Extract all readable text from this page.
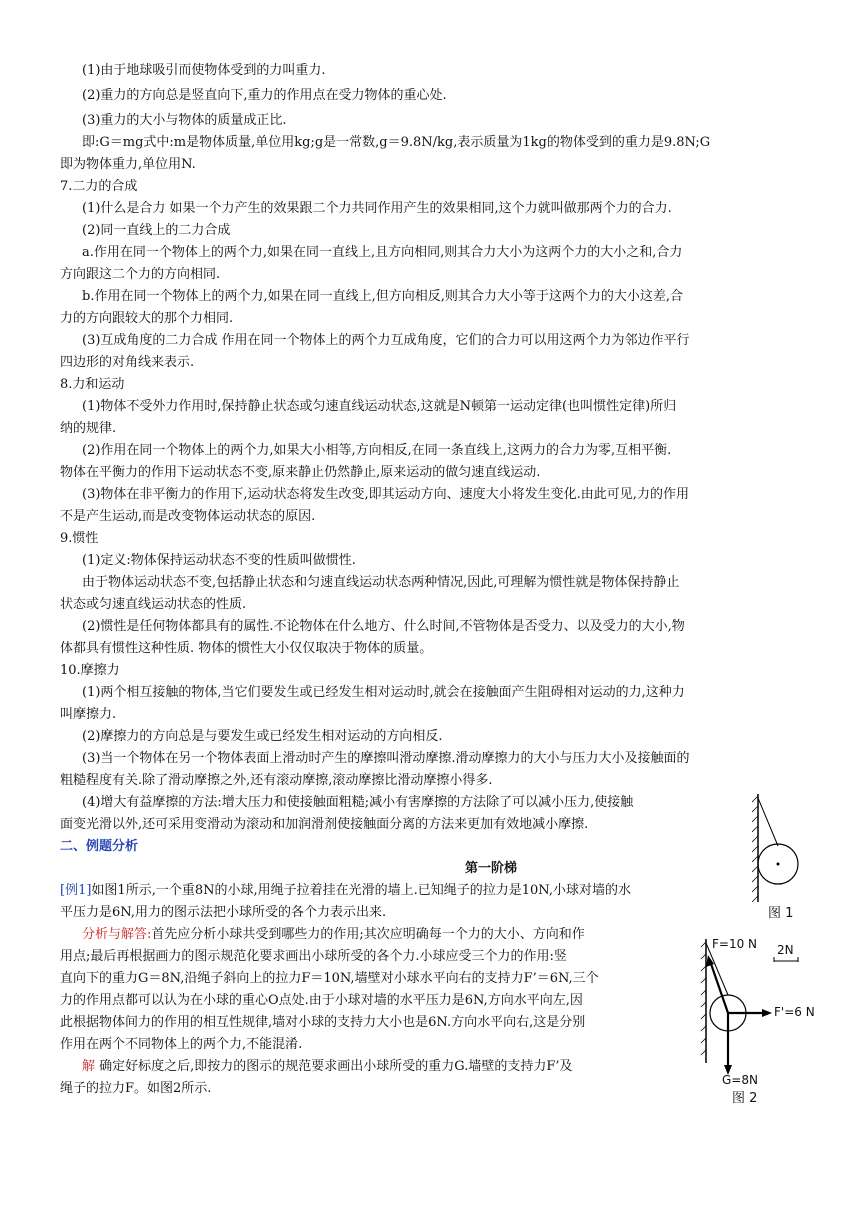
(1)由于地球吸引而使物体受到的力叫重力.
(2)重力的方向总是竖直向下,重力的作用点在受力物体的重心处.
(3)重力的大小与物体的质量成正比.
即:G＝mg式中:m是物体质量,单位用kg;g是一常数,g＝9.8N/kg,表示质量为1kg的物体受到的重力是9.8N;G
即为物体重力,单位用N.
7.二力的合成
(1)什么是合力 如果一个力产生的效果跟二个力共同作用产生的效果相同,这个力就叫做那两个力的合力.
(2)同一直线上的二力合成
a.作用在同一个物体上的两个力,如果在同一直线上,且方向相同,则其合力大小为这两个力的大小之和,合力
方向跟这二个力的方向相同.
b.作用在同一个物体上的两个力,如果在同一直线上,但方向相反,则其合力大小等于这两个力的大小这差,合
力的方向跟较大的那个力相同.
(3)互成角度的二力合成 作用在同一个物体上的两个力互成角度，它们的合力可以用这两个力为邻边作平行
四边形的对角线来表示.
8.力和运动
(1)物体不受外力作用时,保持静止状态或匀速直线运动状态,这就是N顿第一运动定律(也叫惯性定律)所归
纳的规律.
(2)作用在同一个物体上的两个力,如果大小相等,方向相反,在同一条直线上,这两力的合力为零,互相平衡.
物体在平衡力的作用下运动状态不变,原来静止仍然静止,原来运动的做匀速直线运动.
(3)物体在非平衡力的作用下,运动状态将发生改变,即其运动方向、速度大小将发生变化.由此可见,力的作用
不是产生运动,而是改变物体运动状态的原因.
9.惯性
(1)定义:物体保持运动状态不变的性质叫做惯性.
由于物体运动状态不变,包括静止状态和匀速直线运动状态两种情况,因此,可理解为惯性就是物体保持静止
状态或匀速直线运动状态的性质.
(2)惯性是任何物体都具有的属性.不论物体在什么地方、什么时间,不管物体是否受力、以及受力的大小,物
体都具有惯性这种性质. 物体的惯性大小仅仅取决于物体的质量。
10.摩擦力
(1)两个相互接触的物体,当它们要发生或已经发生相对运动时,就会在接触面产生阻碍相对运动的力,这种力
叫摩擦力.
(2)摩擦力的方向总是与要发生或已经发生相对运动的方向相反.
(3)当一个物体在另一个物体表面上滑动时产生的摩擦叫滑动摩擦.滑动摩擦力的大小与压力大小及接触面的
粗糙程度有关.除了滑动摩擦之外,还有滚动摩擦,滚动摩擦比滑动摩擦小得多.
(4)增大有益摩擦的方法:增大压力和使接触面粗糙;减小有害摩擦的方法除了可以减小压力,使接触
面变光滑以外,还可采用变滑动为滚动和加润滑剂使接触面分离的方法来更加有效地减小摩擦.
二、例题分析
第一阶梯
[例1]如图1所示,一个重8N的小球,用绳子拉着挂在光滑的墙上.已知绳子的拉力是10N,小球对墙的水
平压力是6N,用力的图示法把小球所受的各个力表示出来.
分析与解答:首先应分析小球共受到哪些力的作用;其次应明确每一个力的大小、方向和作
用点;最后再根据画力的图示规范化要求画出小球所受的各个力.小球应受三个力的作用:竖
直向下的重力G＝8N,沿绳子斜向上的拉力F＝10N,墙壁对小球水平向右的支持力F’＝6N,三个
力的作用点都可以认为在小球的重心O点处.由于小球对墙的水平压力是6N,方向水平向左,因
此根据物体间力的作用的相互性规律,墙对小球的支持力大小也是6N.方向水平向右,这是分别
作用在两个不同物体上的两个力,不能混淆.
解 确定好标度之后,即按力的图示的规范要求画出小球所受的重力G.墙壁的支持力F’及
绳子的拉力F。如图2所示.
图 1
F=10 N 2N
F'=6 N
G=8N
图 2
